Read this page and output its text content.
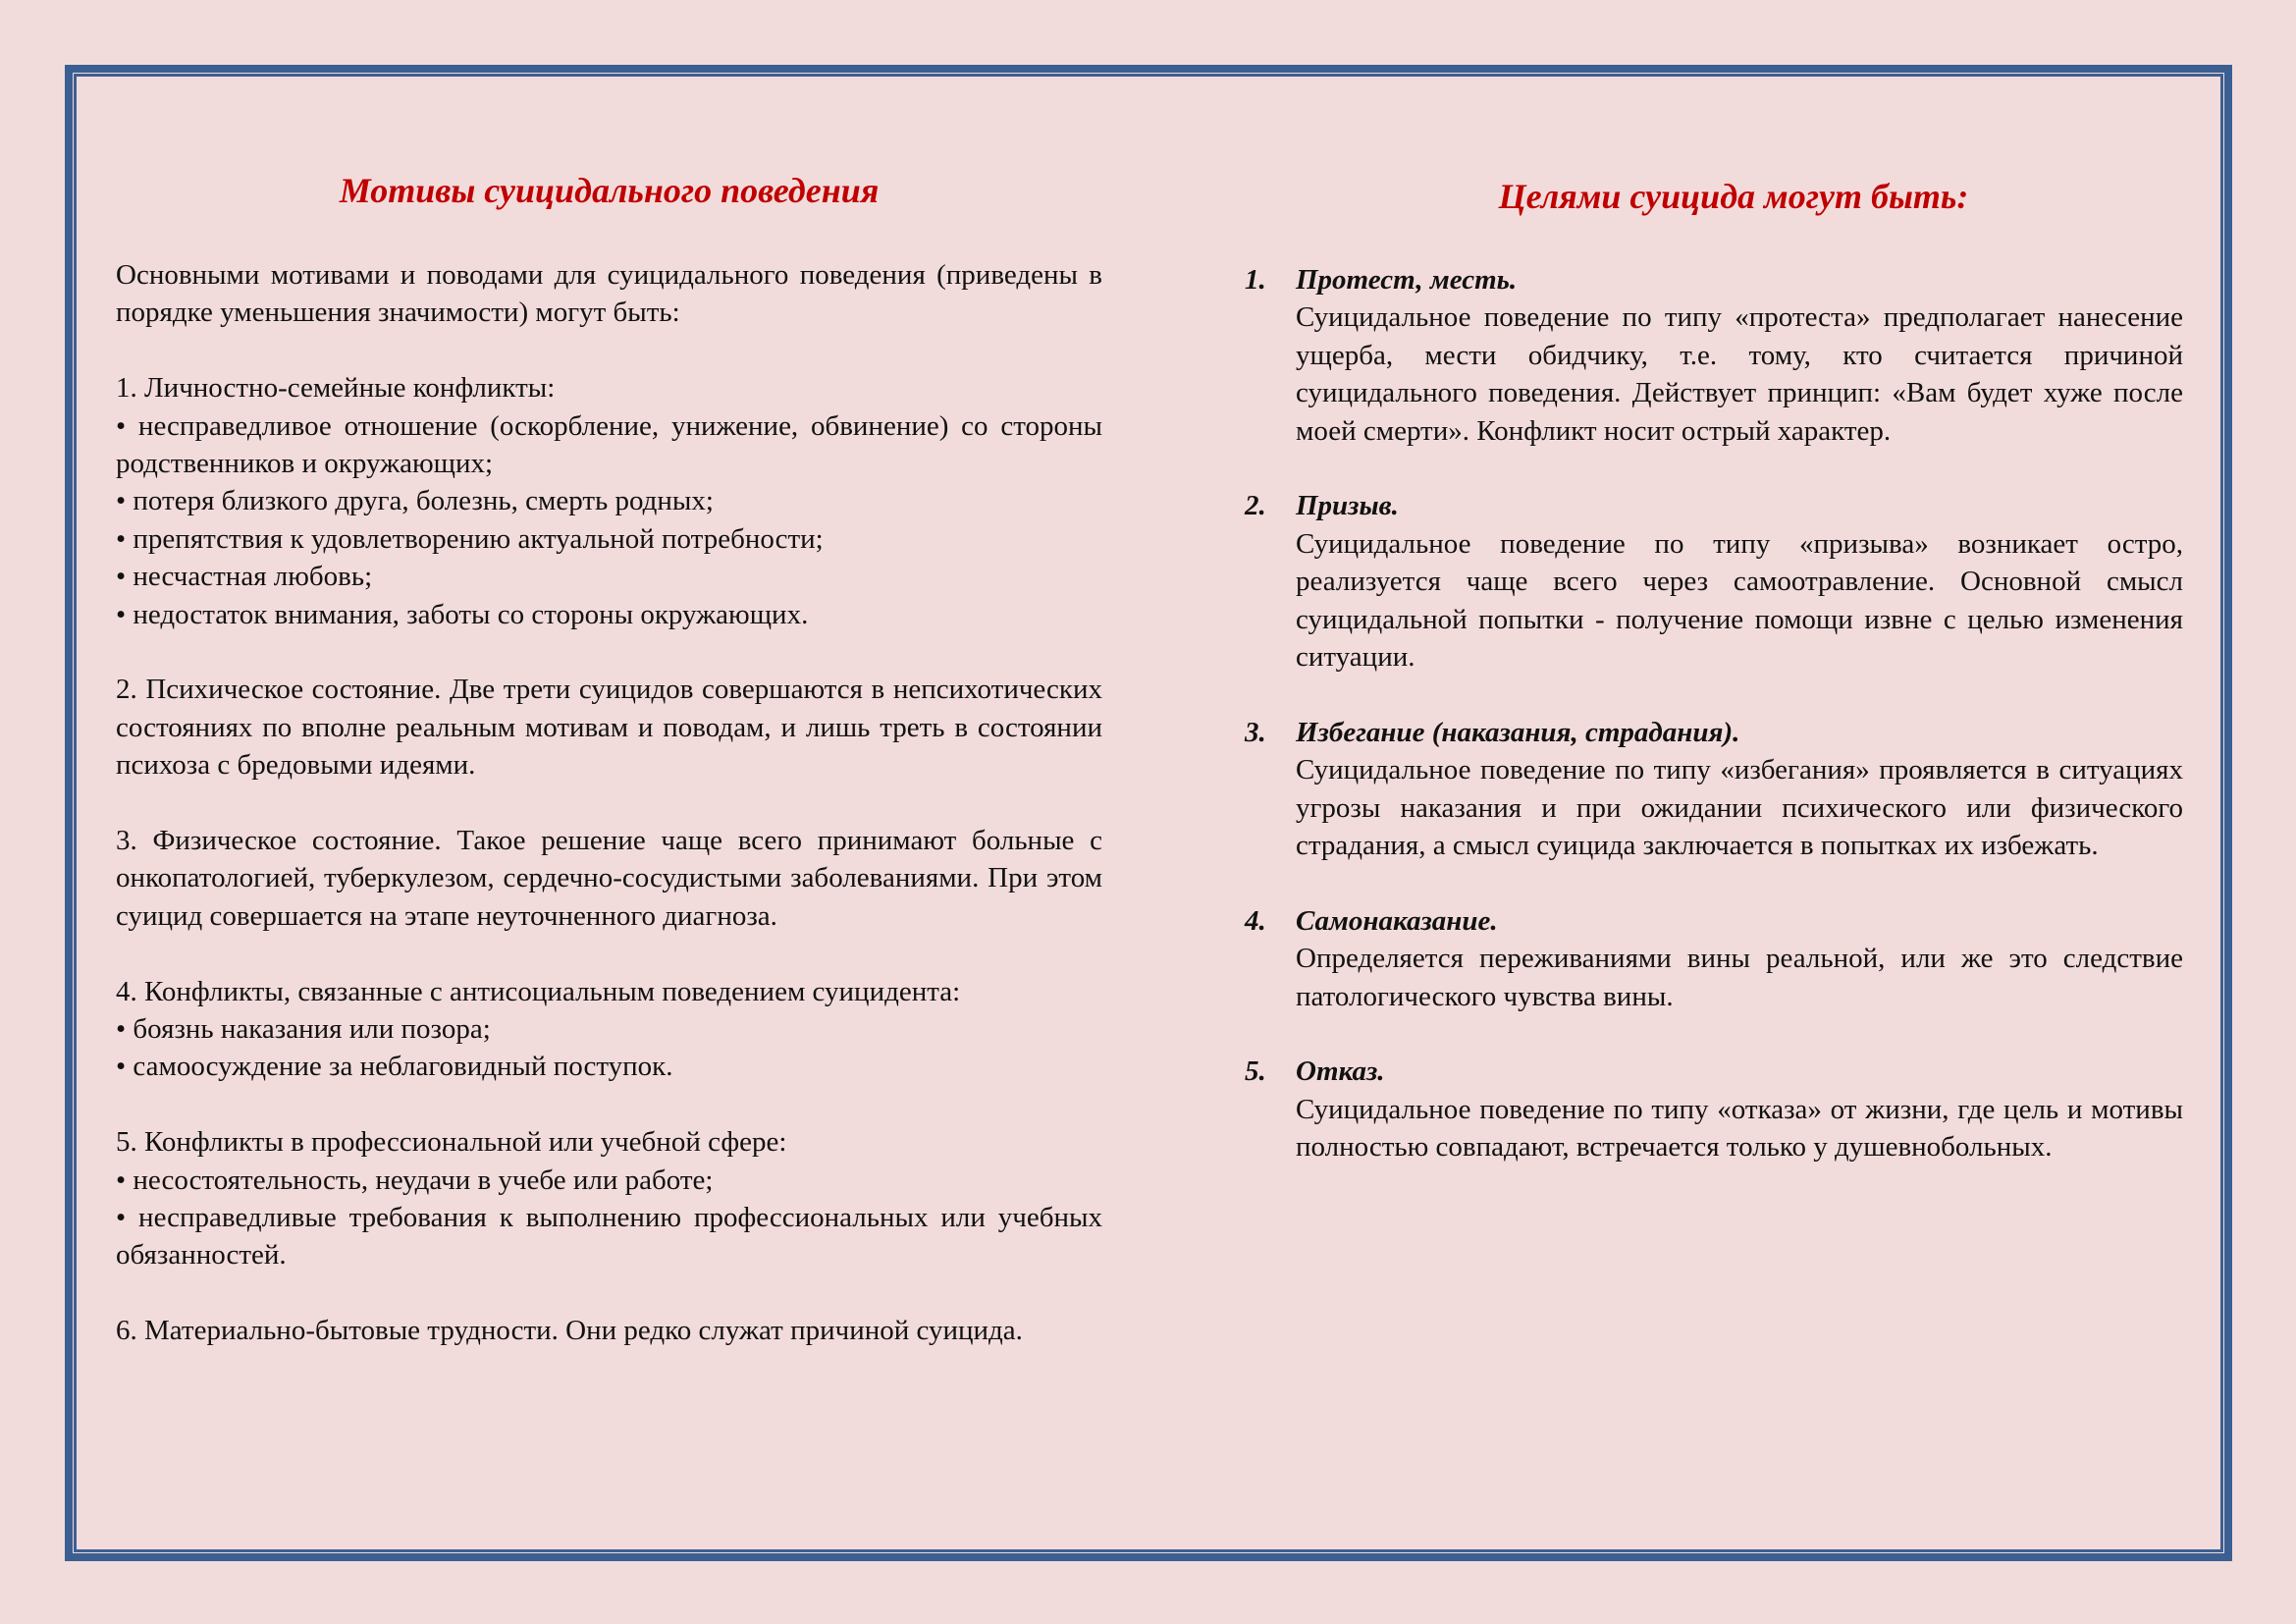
Мотивы суицидального поведения

Основными мотивами и поводами для суицидального поведения (приведены в порядке уменьшения значимости) могут быть:

1. Личностно-семейные конфликты:
• несправедливое отношение (оскорбление, унижение, обвинение) со стороны родственников и окружающих;
• потеря близкого друга, болезнь, смерть родных;
• препятствия к удовлетворению актуальной потребности;
• несчастная любовь;
• недостаток внимания, заботы со стороны окружающих.

2. Психическое состояние. Две трети суицидов совершаются в непсихотических состояниях по вполне реальным мотивам и поводам, и лишь треть в состоянии психоза с бредовыми идеями.

3. Физическое состояние. Такое решение чаще всего принимают больные с онкопатологией, туберкулезом, сердечно-сосудистыми заболеваниями. При этом суицид совершается на этапе неуточненного диагноза.

4. Конфликты, связанные с антисоциальным поведением суицидента:
• боязнь наказания или позора;
• самоосуждение за неблаговидный поступок.
5. Конфликты в профессиональной или учебной сфере:
• несостоятельность, неудачи в учебе или работе;
• несправедливые требования к выполнению профессиональных или учебных обязанностей.

6. Материально-бытовые трудности. Они редко служат причиной суицида.

Целями суицида могут быть:
1.	Протест, месть.
Суицидальное поведение по типу «протеста» предполагает нанесение ущерба, мести обидчику, т.е. тому, кто считается причиной суицидального поведения. Действует принцип: «Вам будет хуже после моей смерти». Конфликт носит острый характер.
2.	Призыв.
Суицидальное поведение по типу «призыва» возникает остро, реализуется чаще всего через самоотравление. Основной смысл суицидальной попытки - получение помощи извне с целью изменения ситуации.
3.	Избегание (наказания, страдания).
Суицидальное поведение по типу «избегания» проявляется в ситуациях угрозы наказания и при ожидании психического или физического страдания, а смысл суицида заключается в попытках их избежать.
4.	Самонаказание.
Определяется переживаниями вины реальной, или же это следствие патологического чувства вины.
5.	Отказ.
Суицидальное поведение по типу «отказа» от жизни, где цель и мотивы полностью совпадают, встречается только у душевнобольных.
